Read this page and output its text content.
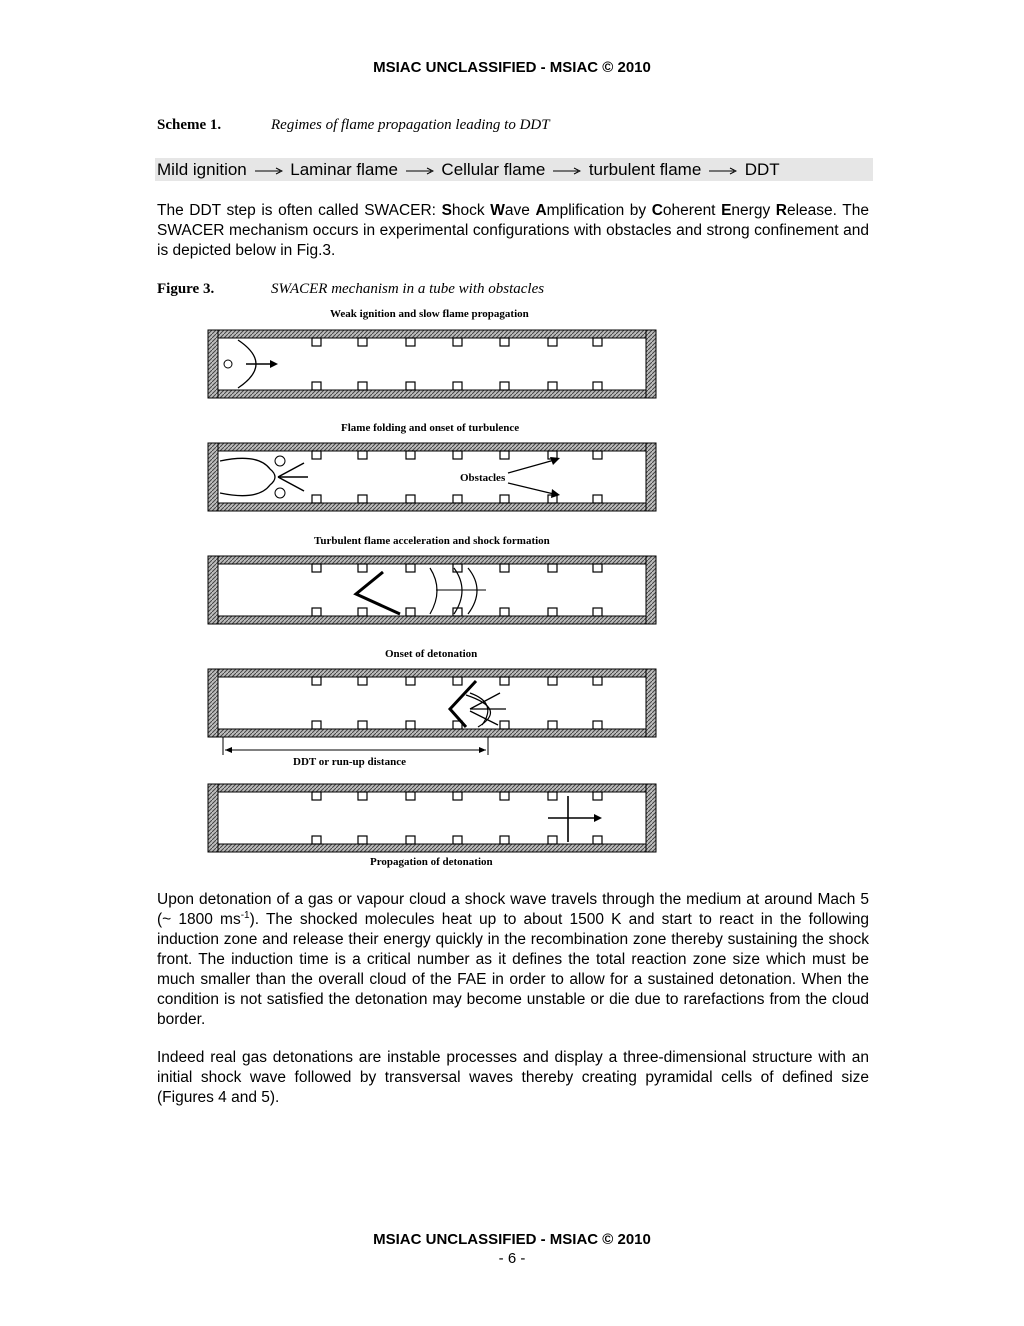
MSIAC UNCLASSIFIED - MSIAC © 2010
Scheme 1.	Regimes of flame propagation leading to DDT
Mild ignition	Laminar flame	Cellular flame	turbulent flame	DDT
The DDT step is often called SWACER: Shock Wave Amplification by Coherent Energy Release. The SWACER mechanism occurs in experimental configurations with obstacles and strong confinement and is depicted below in Fig.3.
Figure 3.	SWACER mechanism in a tube with obstacles
Weak ignition and slow flame propagation
Flame folding and onset of turbulence
Turbulent flame acceleration and shock formation
Onset of detonation
Propagation of detonation
Obstacles
DDT or run-up distance
Upon detonation of a gas or vapour cloud a shock wave travels through the medium at around Mach 5 (~ 1800 $ms^{-1}$). The shocked molecules heat up to about 1500 K and start to react in the following induction zone and release their energy quickly in the recombination zone thereby sustaining the shock front. The induction time is a critical number as it defines the total reaction zone size which must be much smaller than the overall cloud of the FAE in order to allow for a sustained detonation. When the condition is not satisfied the detonation may become unstable or die due to rarefactions from the cloud border.
Indeed real gas detonations are instable processes and display a three-dimensional structure with an initial shock wave followed by transversal waves thereby creating pyramidal cells of defined size (Figures 4 and 5).
MSIAC UNCLASSIFIED - MSIAC © 2010
- 6 -
